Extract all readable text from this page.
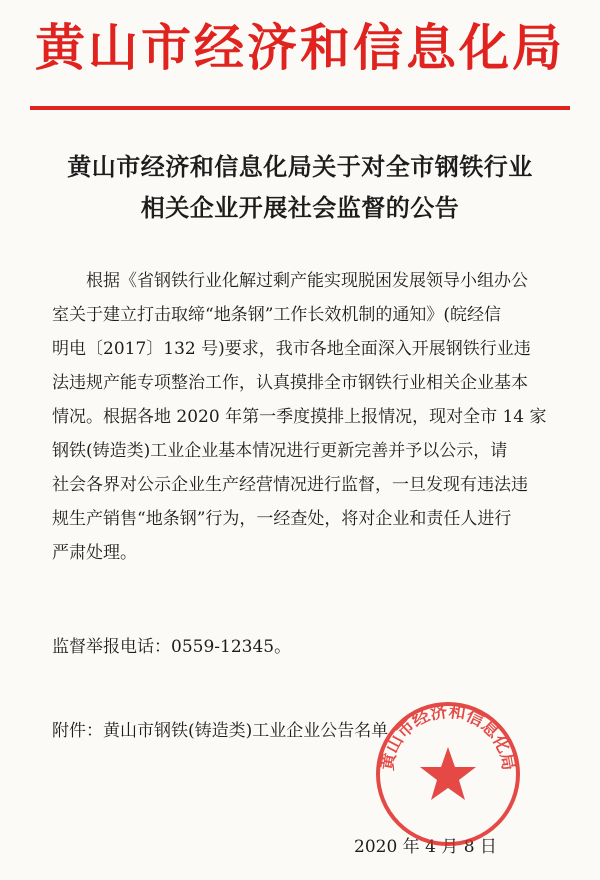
黄山市经济和信息化局
黄山市经济和信息化局关于对全市钢铁行业
相关企业开展社会监督的公告
根据《省钢铁行业化解过剩产能实现脱困发展领导小组办公
室关于建立打击取缔“地条钢”工作长效机制的通知》(皖经信
明电〔2017〕132 号)要求，我市各地全面深入开展钢铁行业违
法违规产能专项整治工作，认真摸排全市钢铁行业相关企业基本
情况。根据各地 2020 年第一季度摸排上报情况，现对全市 14 家
钢铁(铸造类)工业企业基本情况进行更新完善并予以公示，请
社会各界对公示企业生产经营情况进行监督，一旦发现有违法违
规生产销售“地条钢”行为，一经查处，将对企业和责任人进行
严肃处理。
监督举报电话：0559-12345。
附件：黄山市钢铁(铸造类)工业企业公告名单
2020 年 4 月 8 日
黄山市经济和信息化局
